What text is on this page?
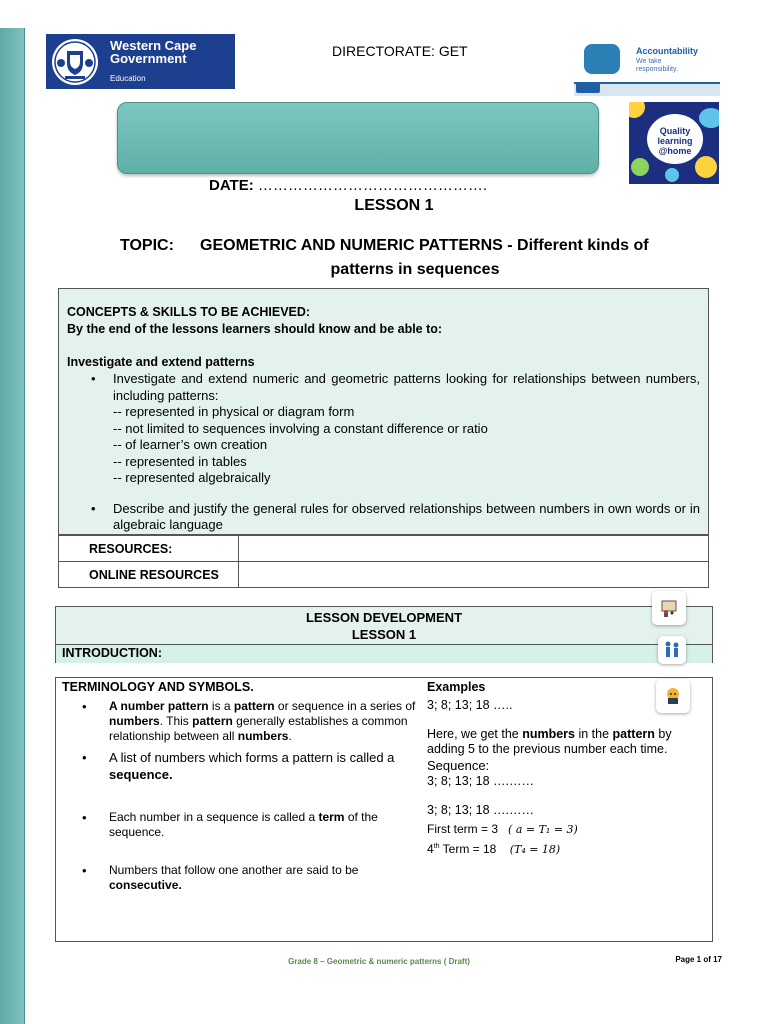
Western Cape
Government
Education
DIRECTORATE: GET	Accountability
We take responsibility.
Quality
learning
@home
DATE: ……………………………………….
LESSON 1
TOPIC: GEOMETRIC AND NUMERIC PATTERNS - Different kinds of
patterns in sequences
CONCEPTS & SKILLS TO BE ACHIEVED:
By the end of the lessons learners should know and be able to:
Investigate and extend patterns
• Investigate and extend numeric and geometric patterns looking for relationships between numbers, including patterns:
-- represented in physical or diagram form
-- not limited to sequences involving a constant difference or ratio
-- of learner’s own creation
-- represented in tables
-- represented algebraically
• Describe and justify the general rules for observed relationships between numbers in own words or in algebraic language
RESOURCES:	
ONLINE RESOURCES	
LESSON DEVELOPMENT
LESSON 1
INTRODUCTION:
TERMINOLOGY AND SYMBOLS.
• A number pattern is a pattern or sequence in a series of numbers. This pattern generally establishes a common relationship between all numbers.
• A list of numbers which forms a pattern is called a sequence.
• Each number in a sequence is called a term of the sequence.
• Numbers that follow one another are said to be consecutive.
Examples
3; 8; 13; 18 …..
Here, we get the numbers in the pattern by adding 5 to the previous number each time.
Sequence:
3; 8; 13; 18 ….……
3; 8; 13; 18 ….……
First term = 3 ( a = T₁ = 3)
4th Term = 18 (T₄ = 18)
Grade 8 – Geometric & numeric patterns ( Draft)	Page 1 of 17
